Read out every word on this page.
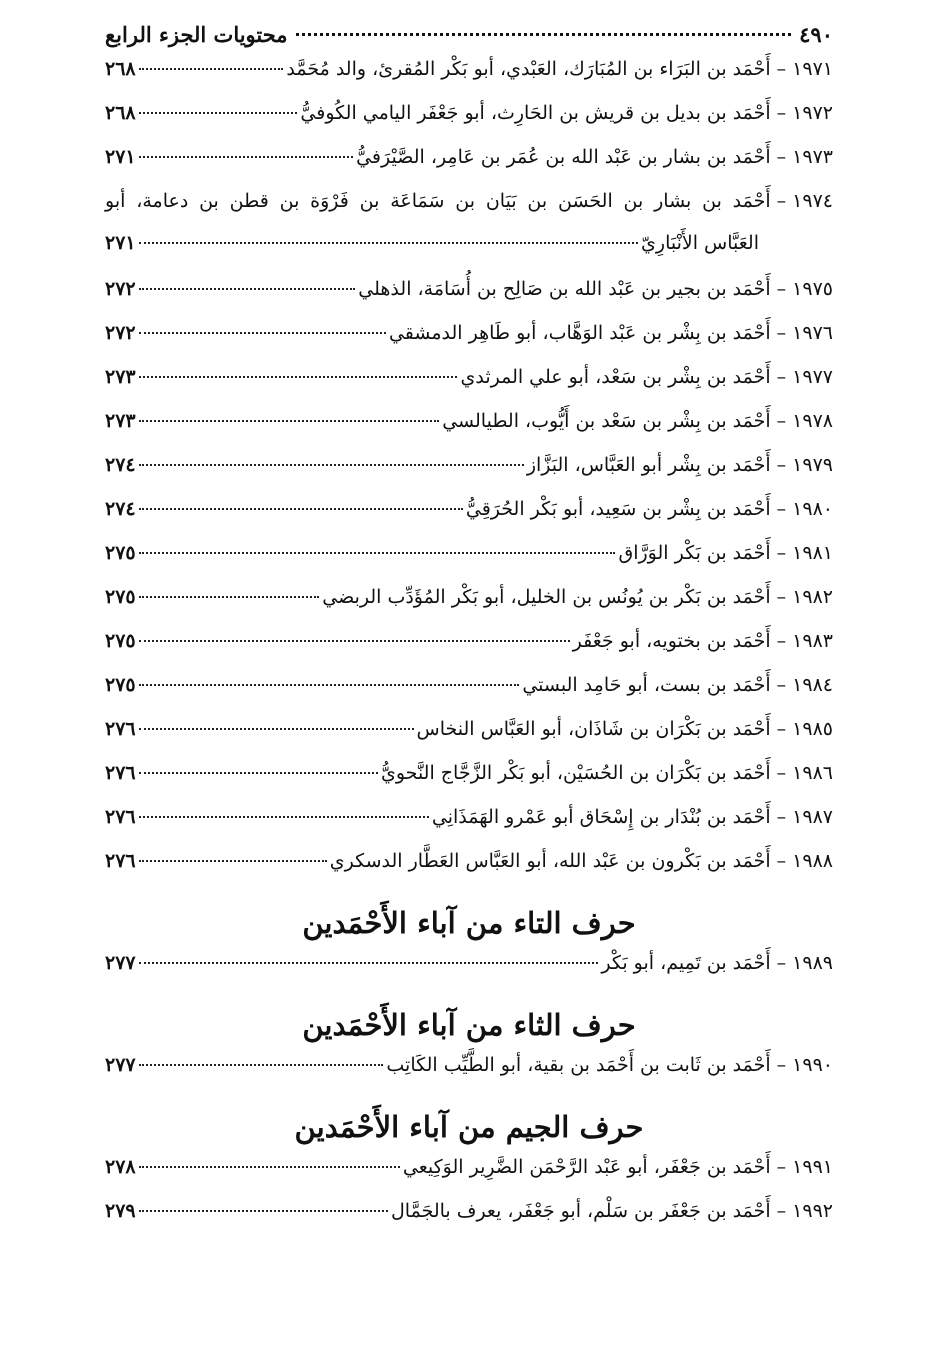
٤٩٠
محتويات الجزء الرابع
١٩٧١
–
أَحْمَد بن البَرَاء بن المُبَارَك، العَبْدي، أبو بَكْر المُقرئ، والد مُحَمَّد
٢٦٨
١٩٧٢
–
أَحْمَد بن بديل بن قريش بن الحَارِث، أبو جَعْفَر اليامي الكُوفيُّ
٢٦٨
١٩٧٣
–
أَحْمَد بن بشار بن عَبْد الله بن عُمَر بن عَامِر، الصَّيْرَفيُّ
٢٧١
١٩٧٤
–
أَحْمَد بن بشار بن الحَسَن بن بَيَان بن سَمَاعَة بن فَرْوَة بن قطن بن دعامة، أبو
العَبَّاس الأَنْبَارِيّ
٢٧١
١٩٧٥
–
أَحْمَد بن بجير بن عَبْد الله بن صَالِح بن أُسَامَة، الذهلي
٢٧٢
١٩٧٦
–
أَحْمَد بن بِشْر بن عَبْد الوَهَّاب، أبو طَاهِر الدمشقي
٢٧٢
١٩٧٧
–
أَحْمَد بن بِشْر بن سَعْد، أبو علي المرثدي
٢٧٣
١٩٧٨
–
أَحْمَد بن بِشْر بن سَعْد بن أَيُّوب، الطيالسي
٢٧٣
١٩٧٩
–
أَحْمَد بن بِشْر أبو العَبَّاس، البَزَّاز
٢٧٤
١٩٨٠
–
أَحْمَد بن بِشْر بن سَعِيد، أبو بَكْر الحُرَقِيُّ
٢٧٤
١٩٨١
–
أَحْمَد بن بَكْر الوَرَّاق
٢٧٥
١٩٨٢
–
أَحْمَد بن بَكْر بن يُونُس بن الخليل، أبو بَكْر المُؤَدِّب الربضي
٢٧٥
١٩٨٣
–
أَحْمَد بن بختويه، أبو جَعْفَر
٢٧٥
١٩٨٤
–
أَحْمَد بن بست، أبو حَامِد البستي
٢٧٥
١٩٨٥
–
أَحْمَد بن بَكْرَان بن شَاذَان، أبو العَبَّاس النخاس
٢٧٦
١٩٨٦
–
أَحْمَد بن بَكْرَان بن الحُسَيْن، أبو بَكْر الزَّجَّاج النَّحويُّ
٢٧٦
١٩٨٧
–
أَحْمَد بن بُنْدَار بن إِسْحَاق أبو عَمْرو الهَمَذَانِي
٢٧٦
١٩٨٨
–
أَحْمَد بن بَكْرون بن عَبْد الله، أبو العَبَّاس العَطَّار الدسكري
٢٧٦
حرف التاء من آباء الأَحْمَدين
١٩٨٩
–
أَحْمَد بن تَمِيم، أبو بَكْر
٢٧٧
حرف الثاء من آباء الأَحْمَدين
١٩٩٠
–
أَحْمَد بن ثَابت بن أَحْمَد بن بقية، أبو الطَّيِّب الكَاتِب
٢٧٧
حرف الجيم من آباء الأَحْمَدين
١٩٩١
–
أَحْمَد بن جَعْفَر، أبو عَبْد الرَّحْمَن الضَّرِير الوَكِيعي
٢٧٨
١٩٩٢
–
أَحْمَد بن جَعْفَر بن سَلْم، أبو جَعْفَر، يعرف بالجَمَّال
٢٧٩
